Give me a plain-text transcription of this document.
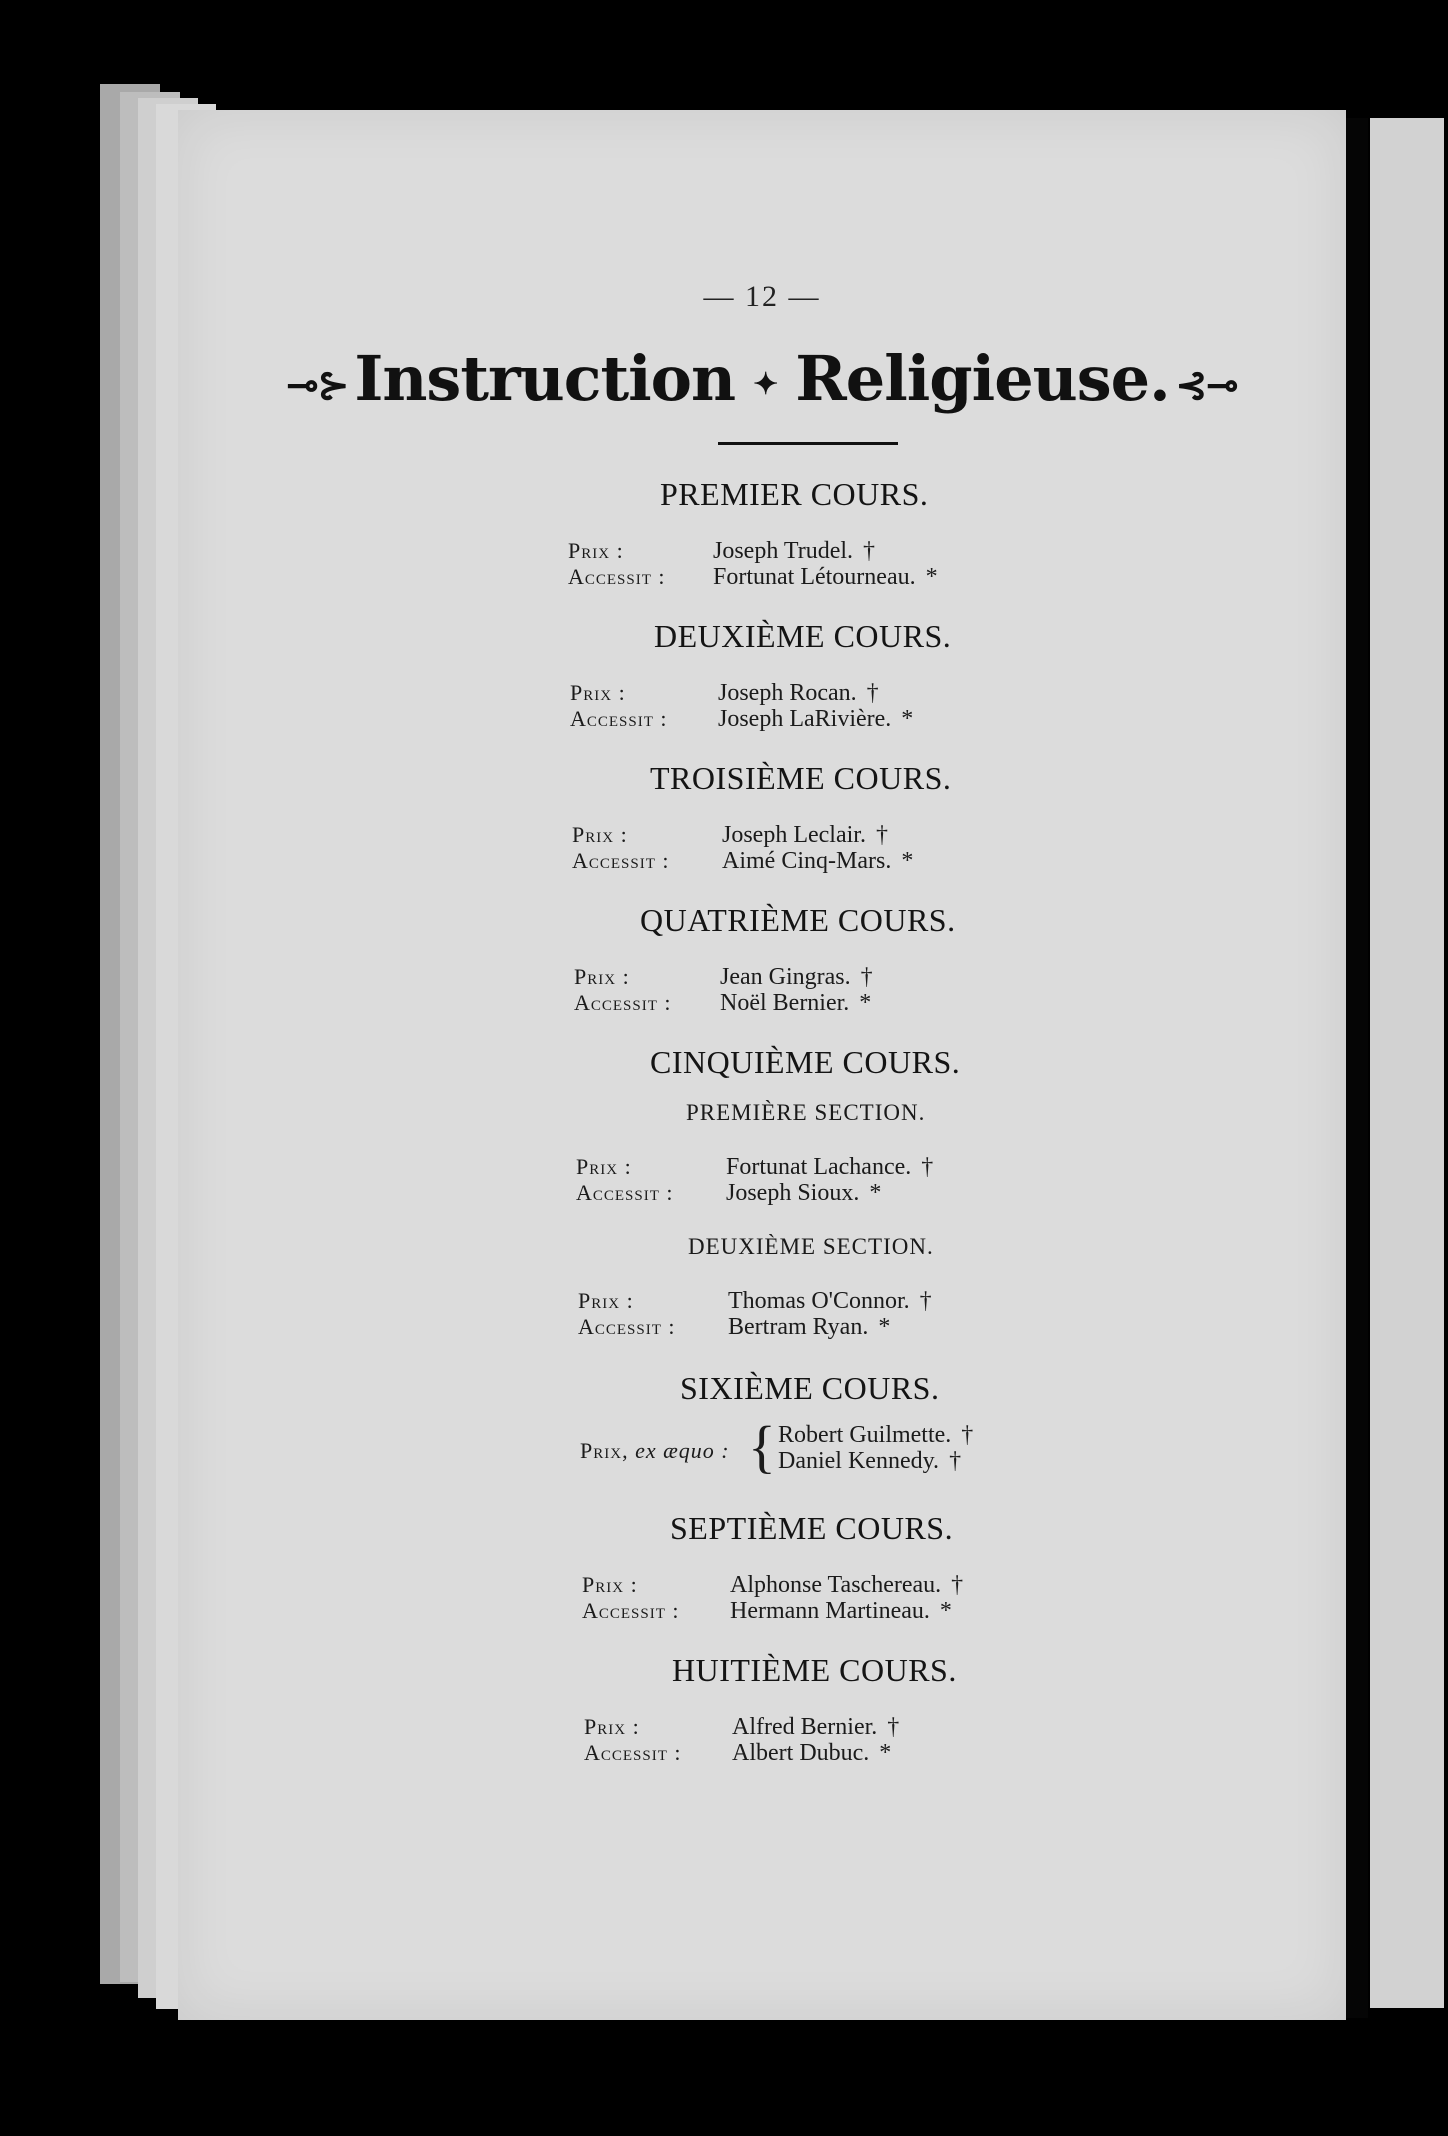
— 12 —
⊸⊱Instruction ✦ Religieuse. ⊰⊸
PREMIER COURS.
Prix :	Joseph Trudel. †
Accessit : Fortunat Létourneau. *
DEUXIÈME COURS.
Prix :	Joseph Rocan. †
Accessit : Joseph LaRivière. *
TROISIÈME COURS.
Prix :	Joseph Leclair. †
Accessit : Aimé Cinq-Mars. *
QUATRIÈME COURS.
Prix :	Jean Gingras. †
Accessit : Noël Bernier. *
CINQUIÈME COURS.
PREMIÈRE SECTION.
Prix :	Fortunat Lachance. †
Accessit : Joseph Sioux. *
DEUXIÈME SECTION.
Prix :	Thomas O'Connor. †
Accessit : Bertram Ryan. *
SIXIÈME COURS.
Prix, ex æquo : { Robert Guilmette. †
Daniel Kennedy. †
SEPTIÈME COURS.
Prix :	Alphonse Taschereau. †
Accessit : Hermann Martineau. *
HUITIÈME COURS.
Prix :	Alfred Bernier. †
Accessit : Albert Dubuc. *
